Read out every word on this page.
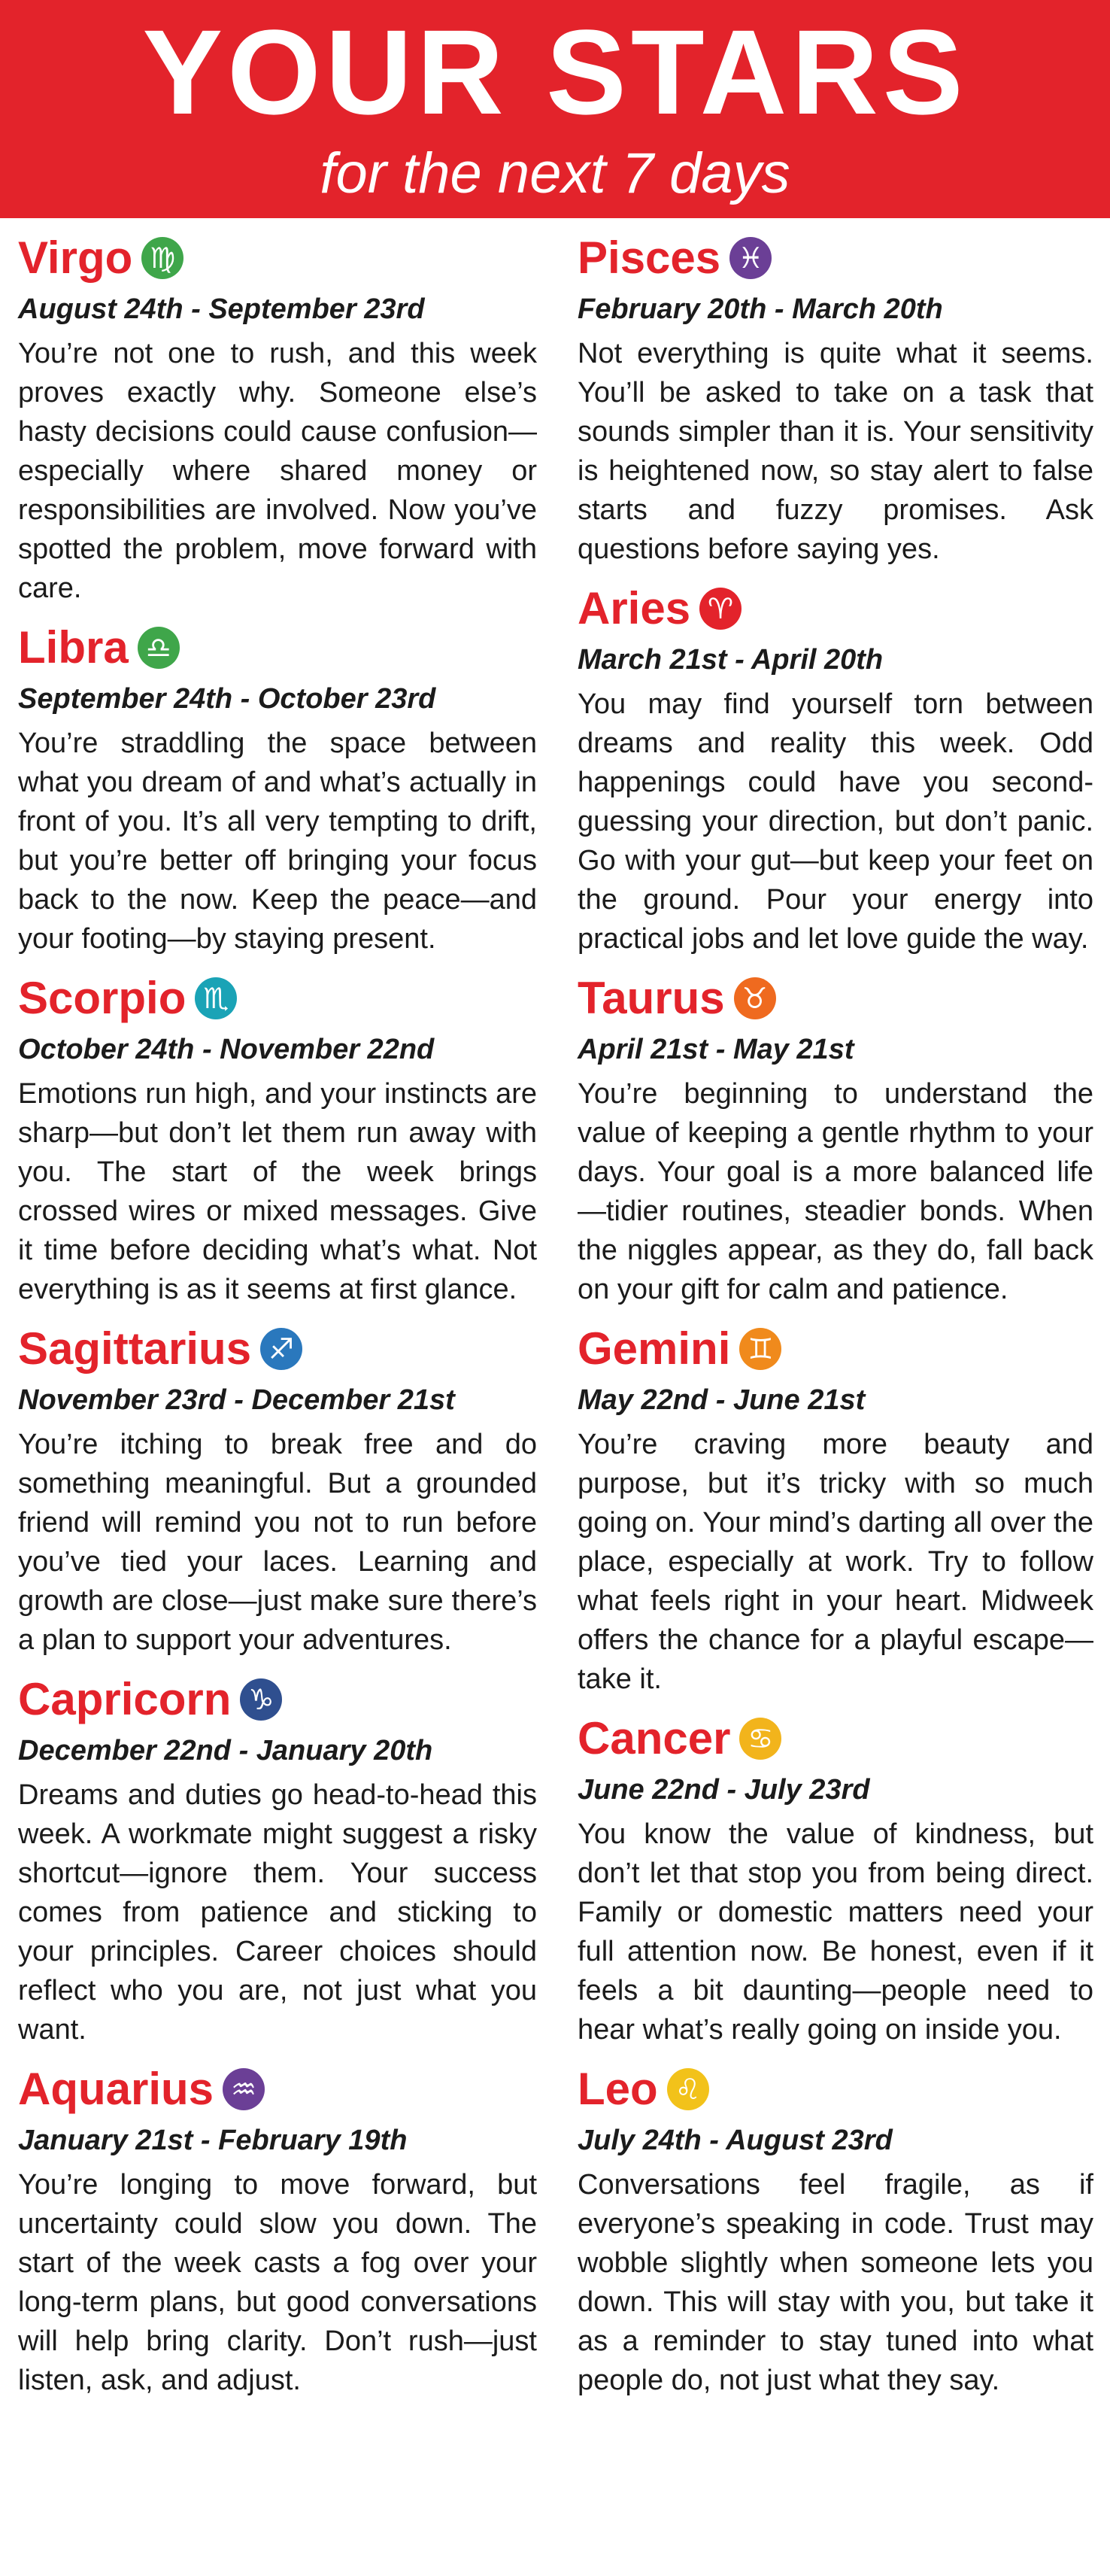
YOUR STARS
for the next 7 days
Virgo ♍
August 24th - September 23rd
You’re not one to rush, and this week proves exactly why. Someone else’s hasty decisions could cause confusion—especially where shared money or responsibilities are involved. Now you’ve spotted the problem, move forward with care.
Libra ♎
September 24th - October 23rd
You’re straddling the space between what you dream of and what’s actually in front of you. It’s all very tempting to drift, but you’re better off bringing your focus back to the now. Keep the peace—and your footing—by staying present.
Scorpio ♏
October 24th - November 22nd
Emotions run high, and your instincts are sharp—but don’t let them run away with you. The start of the week brings crossed wires or mixed messages. Give it time before deciding what’s what. Not everything is as it seems at first glance.
Sagittarius ♐
November 23rd - December 21st
You’re itching to break free and do something meaningful. But a grounded friend will remind you not to run before you’ve tied your laces. Learning and growth are close—just make sure there’s a plan to support your adventures.
Capricorn ♑
December 22nd - January 20th
Dreams and duties go head-to-head this week. A workmate might suggest a risky shortcut—ignore them. Your success comes from patience and sticking to your principles. Career choices should reflect who you are, not just what you want.
Aquarius ♒
January 21st - February 19th
You’re longing to move forward, but uncertainty could slow you down. The start of the week casts a fog over your long-term plans, but good conversations will help bring clarity. Don’t rush—just listen, ask, and adjust.
Pisces ♓
February 20th - March 20th
Not everything is quite what it seems. You’ll be asked to take on a task that sounds simpler than it is. Your sensitivity is heightened now, so stay alert to false starts and fuzzy promises. Ask questions before saying yes.
Aries ♈
March 21st - April 20th
You may find yourself torn between dreams and reality this week. Odd happenings could have you second-guessing your direction, but don’t panic. Go with your gut—but keep your feet on the ground. Pour your energy into practical jobs and let love guide the way.
Taurus ♉
April 21st - May 21st
You’re beginning to understand the value of keeping a gentle rhythm to your days. Your goal is a more balanced life—tidier routines, steadier bonds. When the niggles appear, as they do, fall back on your gift for calm and patience.
Gemini ♊
May 22nd - June 21st
You’re craving more beauty and purpose, but it’s tricky with so much going on. Your mind’s darting all over the place, especially at work. Try to follow what feels right in your heart. Midweek offers the chance for a playful escape—take it.
Cancer ♋
June 22nd - July 23rd
You know the value of kindness, but don’t let that stop you from being direct. Family or domestic matters need your full attention now. Be honest, even if it feels a bit daunting—people need to hear what’s really going on inside you.
Leo ♌
July 24th - August 23rd
Conversations feel fragile, as if everyone’s speaking in code. Trust may wobble slightly when someone lets you down. This will stay with you, but take it as a reminder to stay tuned into what people do, not just what they say.
